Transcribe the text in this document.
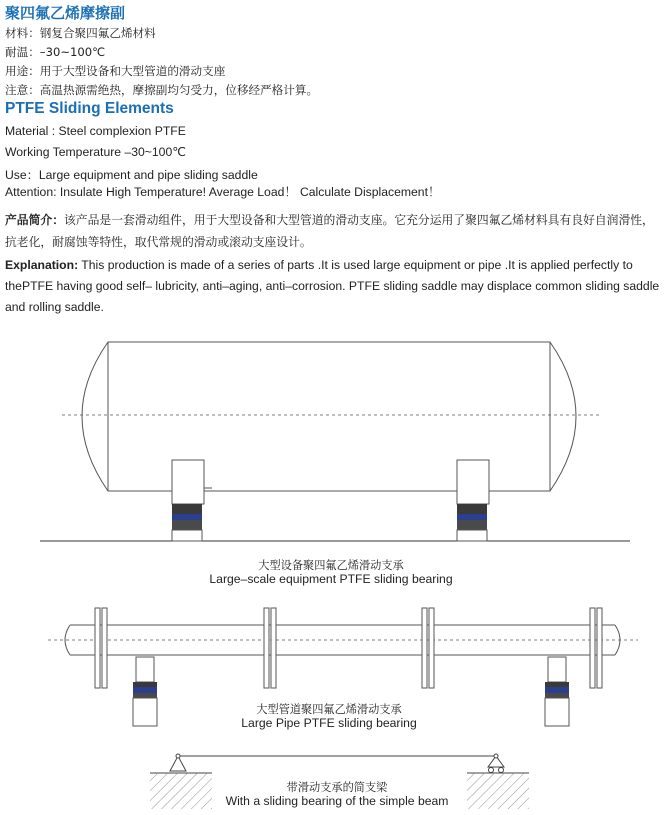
聚四氟乙烯摩擦副
材料：钢复合聚四氟乙烯材料
耐温：–30~100℃
用途：用于大型设备和大型管道的滑动支座
注意：高温热源需绝热，摩擦副均匀受力，位移经严格计算。
PTFE Sliding Elements
Material : Steel complexion PTFE
Working Temperature –30~100℃
Use：Large equipment and pipe sliding saddle
Attention: Insulate High Temperature! Average Load！ Calculate Displacement！
产品简介：该产品是一套滑动组件，用于大型设备和大型管道的滑动支座。它充分运用了聚四氟乙烯材料具有良好自润滑性，抗老化，耐腐蚀等特性，取代常规的滑动或滚动支座设计。
Explanation: This production is made of a series of parts .It is used large equipment or pipe .It is applied perfectly to thePTFE having good self– lubricity, anti–aging, anti–corrosion. PTFE sliding saddle may displace common sliding saddle and rolling saddle.
大型设备聚四氟乙烯滑动支承
Large–scale equipment PTFE sliding bearing
大型管道聚四氟乙烯滑动支承
Large Pipe PTFE sliding bearing
带滑动支承的简支梁
With a sliding bearing of the simple beam
